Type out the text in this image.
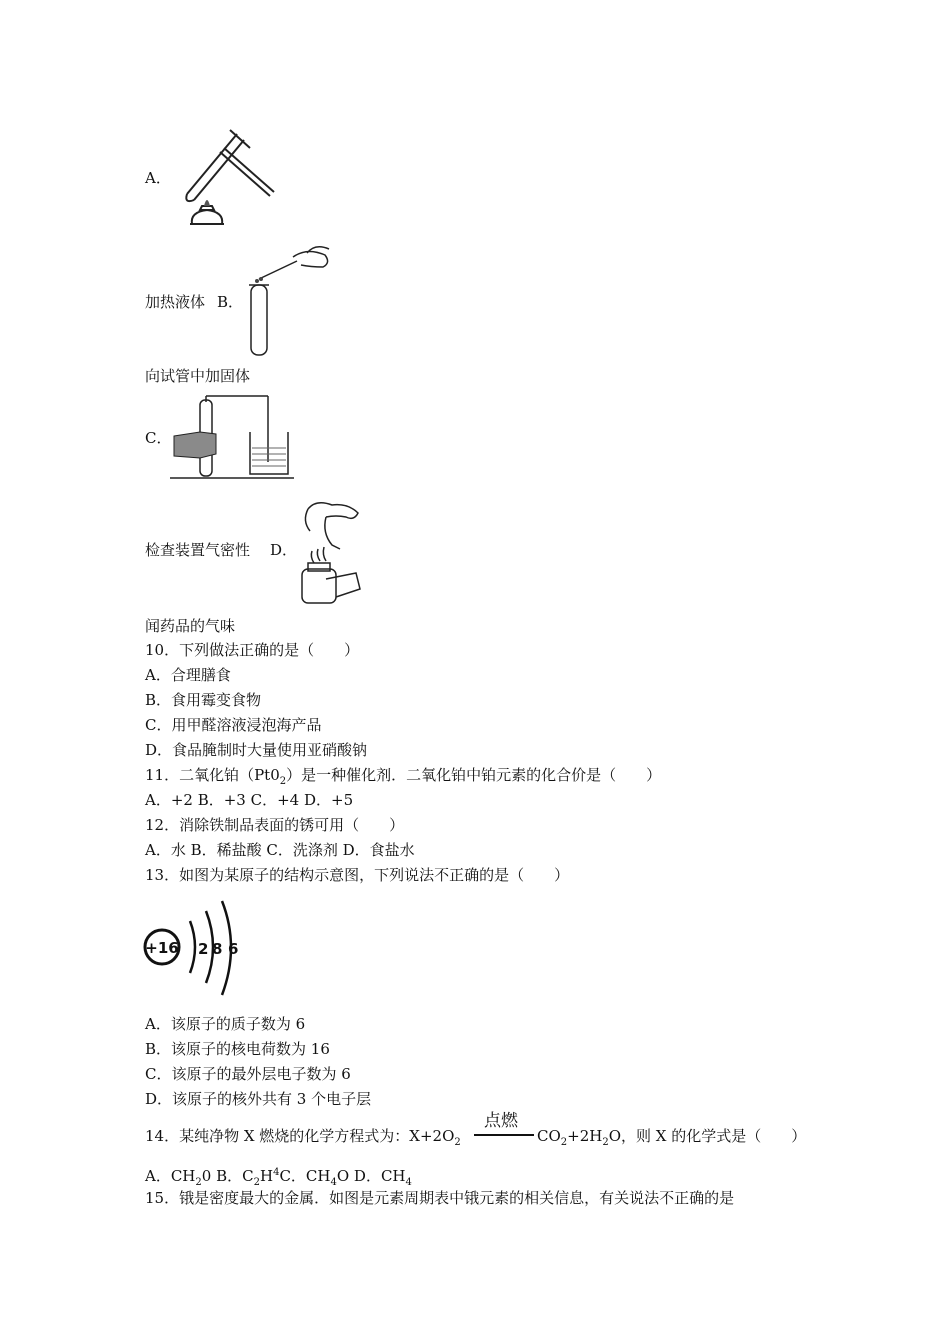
A．
加热液体 B．
向试管中加固体
C．
检查装置气密性 D．
闻药品的气味
10．下列做法正确的是（　　）
A．合理膳食
B．食用霉变食物
C．用甲醛溶液浸泡海产品
D．食品腌制时大量使用亚硝酸钠
11．二氧化铂$(Pt0_2)$是一种催化剂．二氧化铂中铂元素的化合价是（　　）
A．+2 B．+3 C．+4 D．+5
12．消除铁制品表面的锈可用（　　）
A．水 B．稀盐酸 C．洗涤剂 D．食盐水
13．如图为某原子的结构示意图，下列说法不正确的是（　　）
+16 2 8 6
A．该原子的质子数为 6
B．该原子的核电荷数为 16
C．该原子的最外层电子数为 6
D．该原子的核外共有 3 个电子层
14．某纯净物 X 燃烧的化学方程式为：$X+2O_2$
点燃
$CO_2+2H_2O$，则 X 的化学式是（　　）
A．$CH_20$ B．$C_2H^4C$．$CH_4O$ D．$CH_4$
15．锇是密度最大的金属．如图是元素周期表中锇元素的相关信息，有关说法不正确的是
